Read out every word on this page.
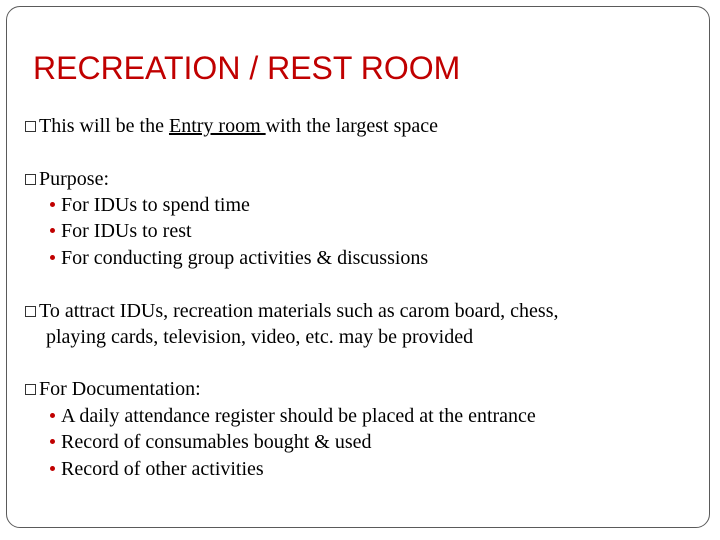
RECREATION / REST ROOM
This will be the Entry room with the largest space
Purpose:
For IDUs to spend time
For IDUs to rest
For conducting group activities & discussions
To attract IDUs, recreation materials such as carom board, chess,
playing cards, television, video, etc. may be provided
For Documentation:
A daily attendance register should be placed at the entrance
Record of consumables bought & used
Record of other activities
